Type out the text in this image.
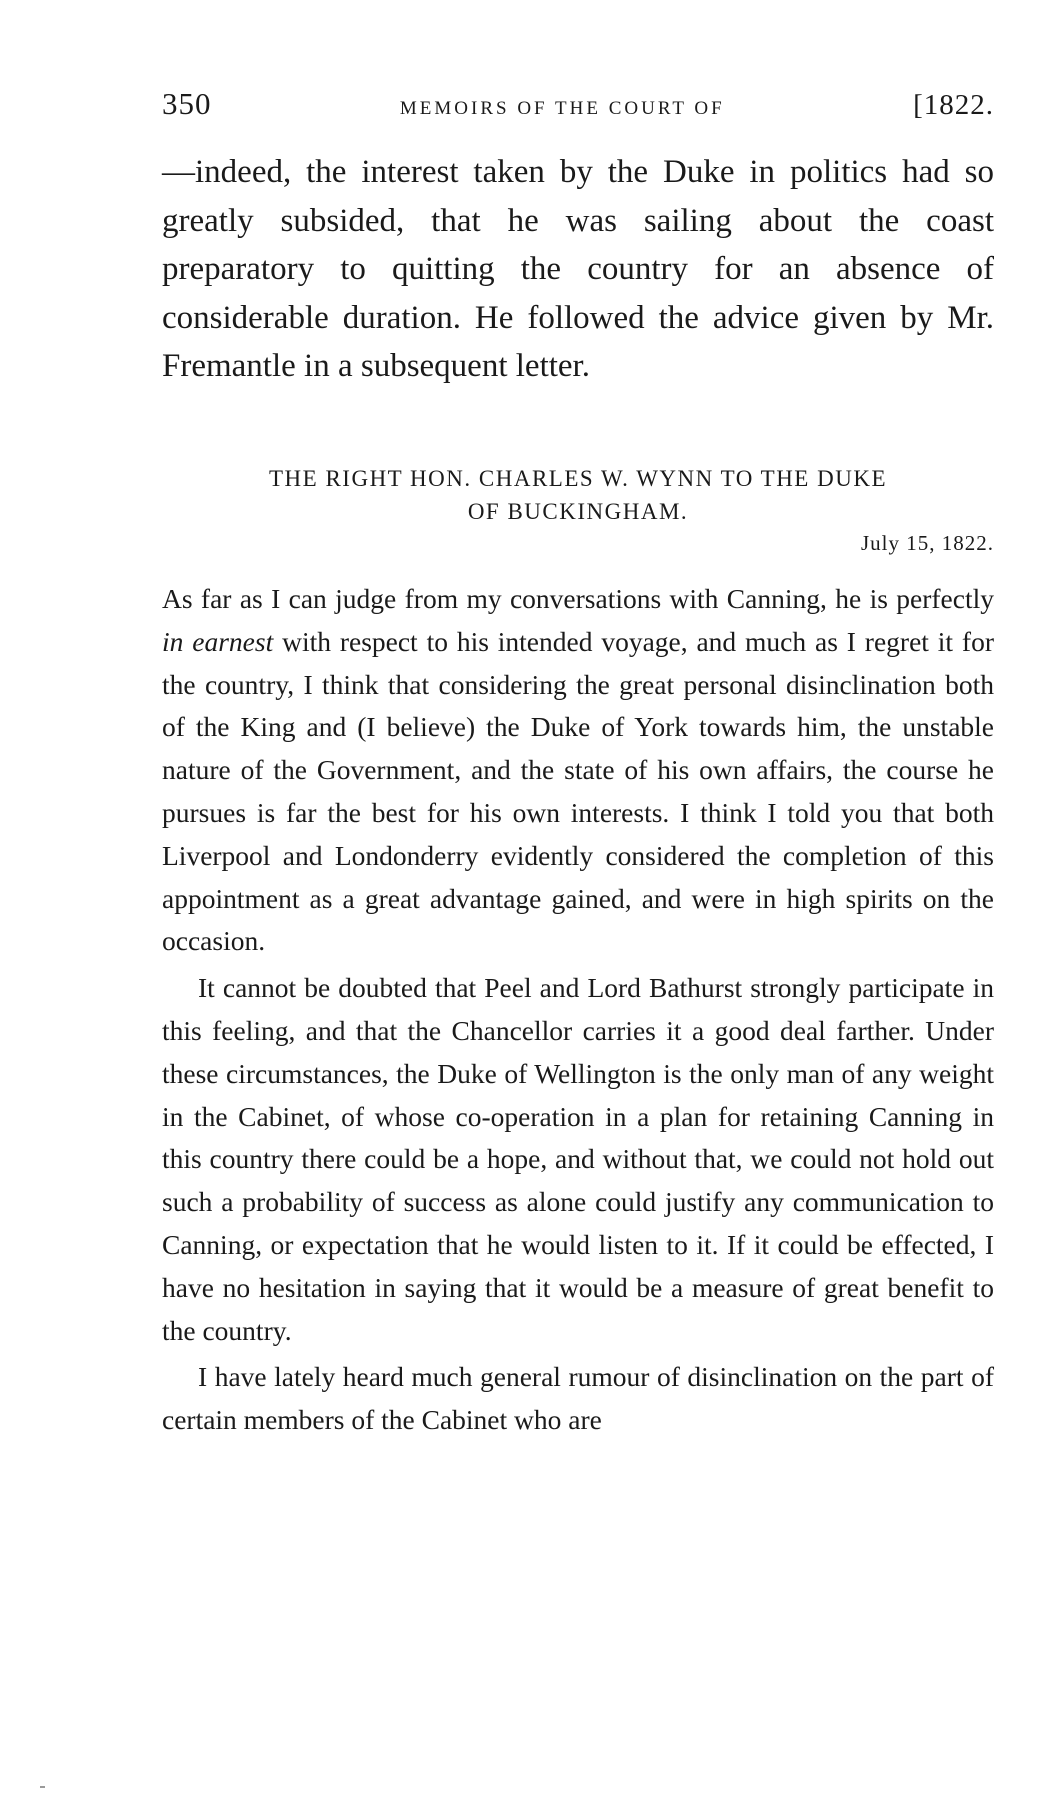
350	MEMOIRS OF THE COURT OF	[1822.

—indeed, the interest taken by the Duke in politics had so greatly subsided, that he was sailing about the coast preparatory to quitting the country for an absence of considerable duration. He followed the advice given by Mr. Fremantle in a subsequent letter.

THE RIGHT HON. CHARLES W. WYNN TO THE DUKE
OF BUCKINGHAM.

July 15, 1822.

As far as I can judge from my conversations with Canning, he is perfectly in earnest with respect to his intended voyage, and much as I regret it for the country, I think that considering the great personal disinclination both of the King and (I believe) the Duke of York towards him, the unstable nature of the Government, and the state of his own affairs, the course he pursues is far the best for his own interests. I think I told you that both Liverpool and Londonderry evidently considered the completion of this appointment as a great advantage gained, and were in high spirits on the occasion.

It cannot be doubted that Peel and Lord Bathurst strongly participate in this feeling, and that the Chancellor carries it a good deal farther. Under these circumstances, the Duke of Wellington is the only man of any weight in the Cabinet, of whose co-operation in a plan for retaining Canning in this country there could be a hope, and without that, we could not hold out such a probability of success as alone could justify any communication to Canning, or expectation that he would listen to it. If it could be effected, I have no hesitation in saying that it would be a measure of great benefit to the country.

I have lately heard much general rumour of disinclination on the part of certain members of the Cabinet who are
